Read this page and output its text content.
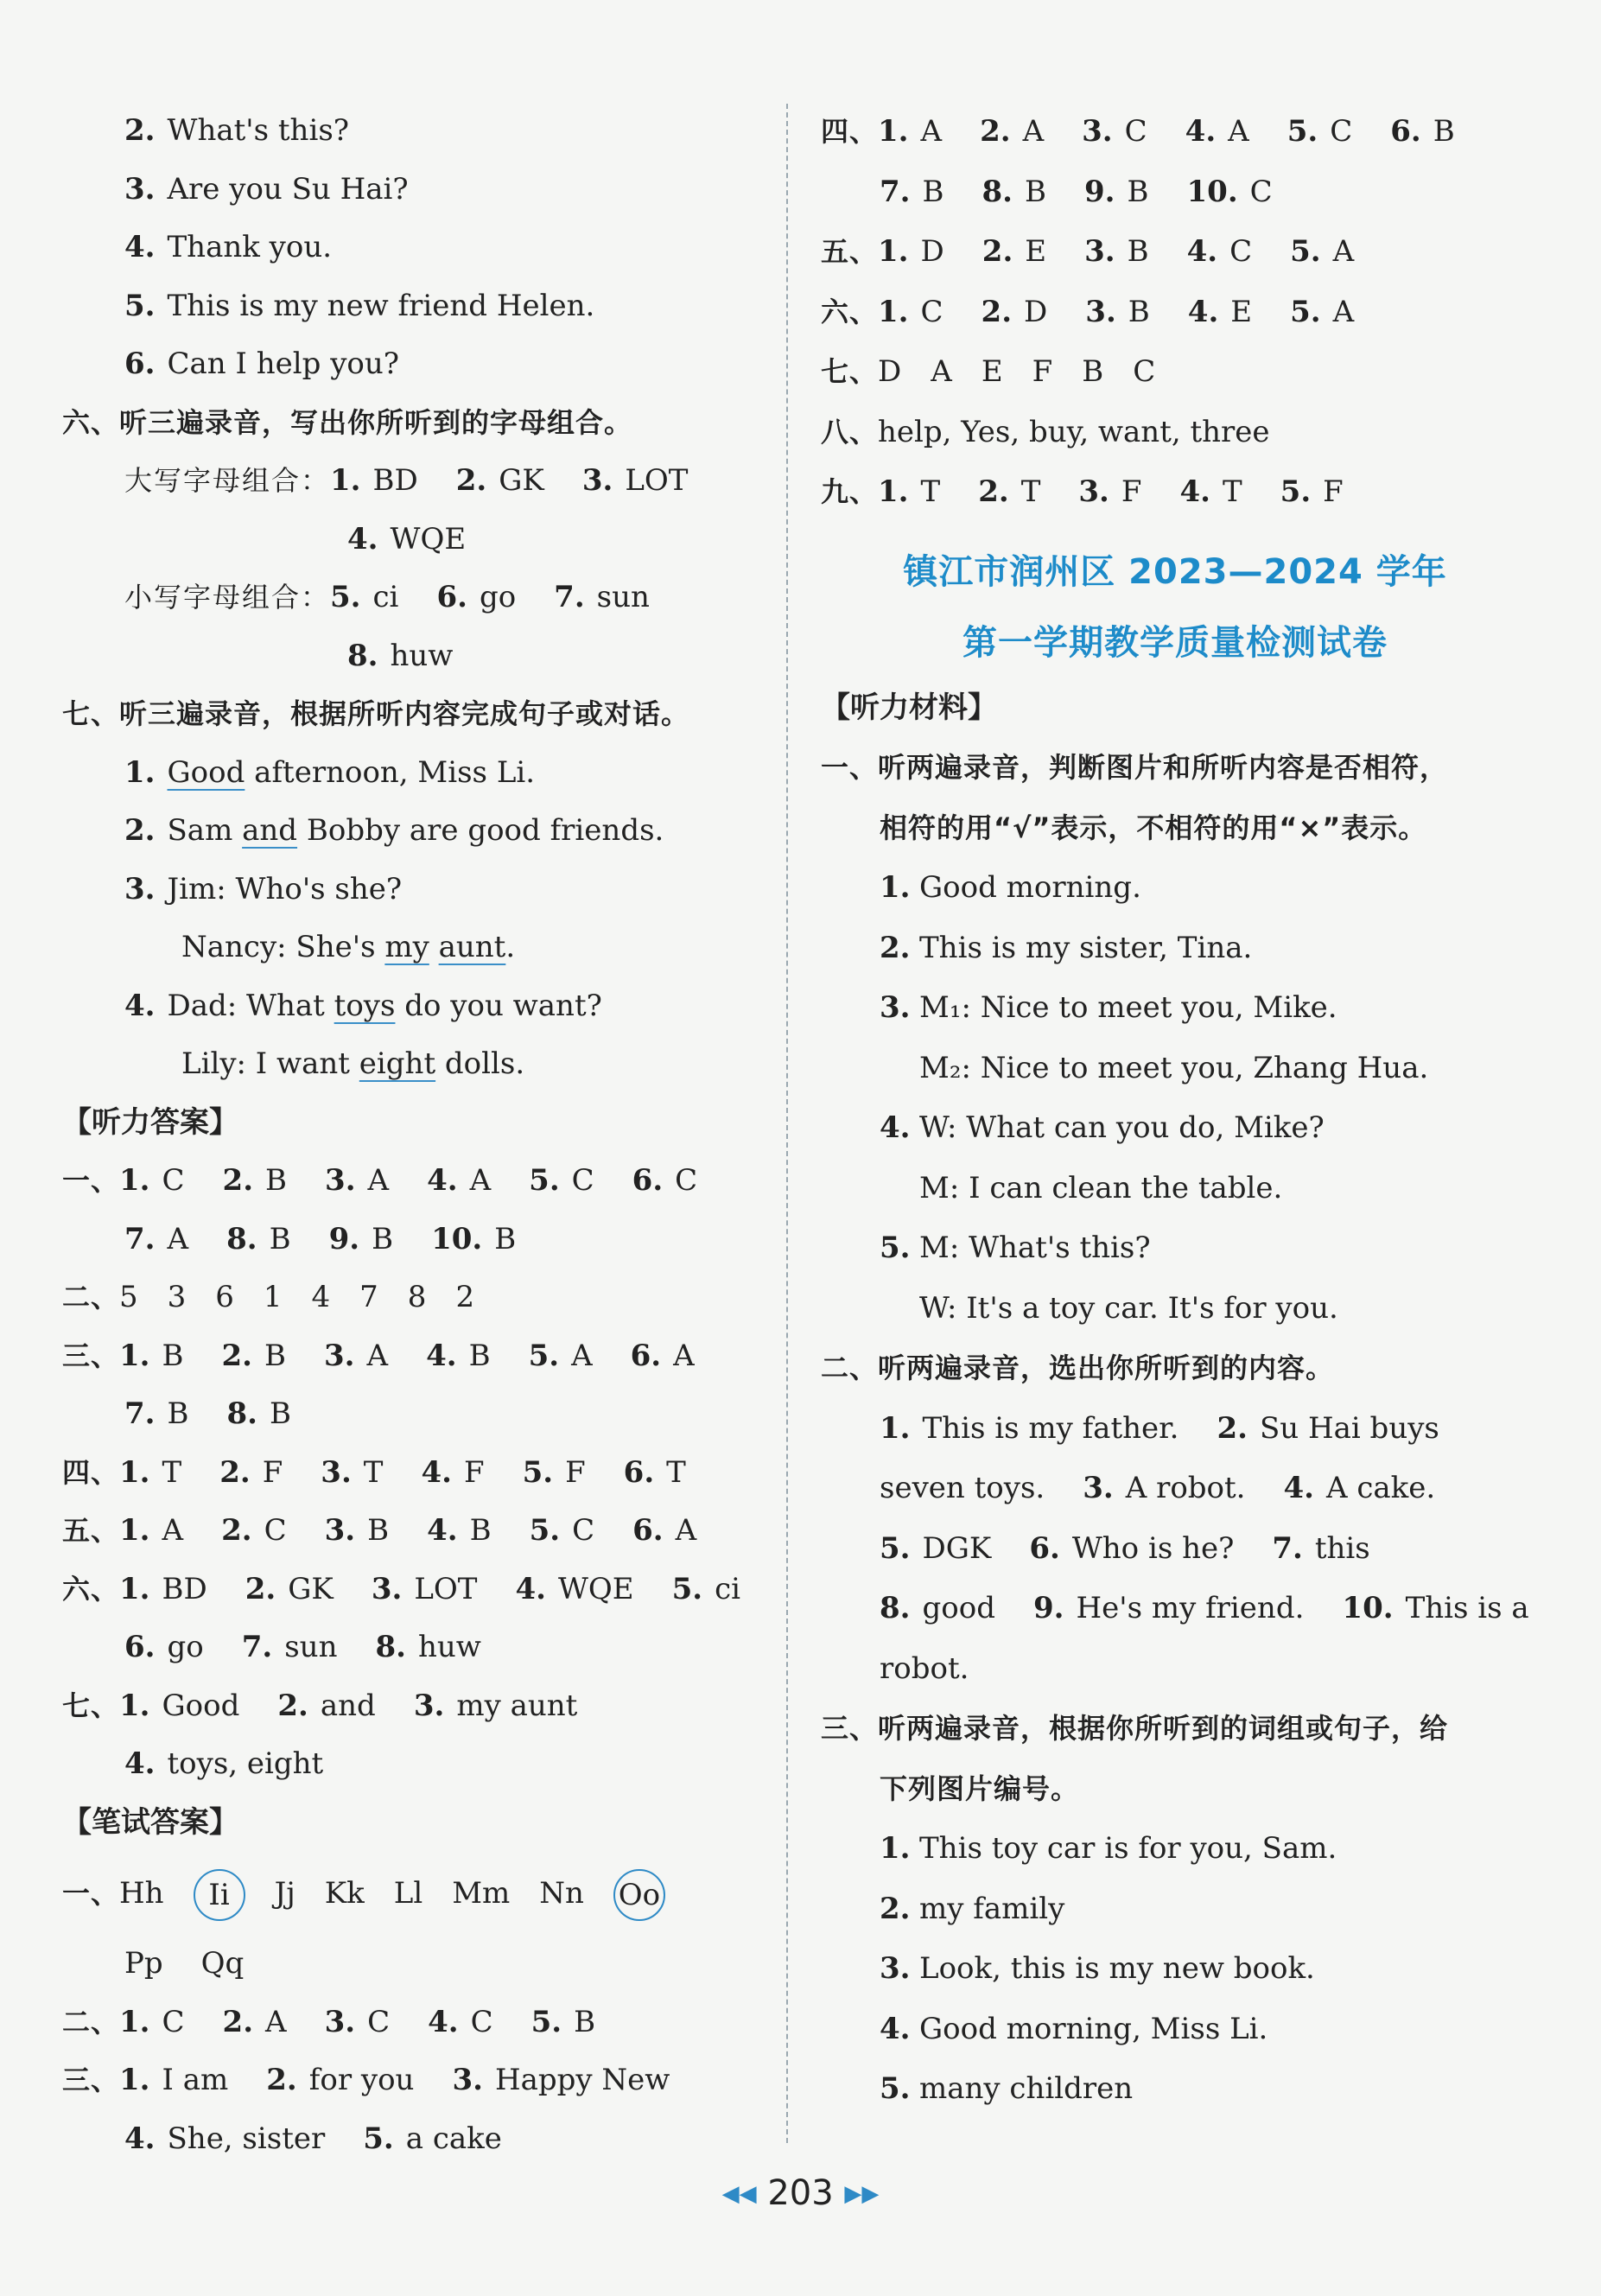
2. What's this?
3. Are you Su Hai?
4. Thank you.
5. This is my new friend Helen.
6. Can I help you?
六、听三遍录音，写出你所听到的字母组合。
大写字母组合：1. BD 2. GK 3. LOT
4. WQE
小写字母组合：5. ci 6. go 7. sun
8. huw
七、听三遍录音，根据所听内容完成句子或对话。
1. Good afternoon, Miss Li.
2. Sam and Bobby are good friends.
3. Jim: Who's she?
Nancy: She's my aunt.
4. Dad: What toys do you want?
Lily: I want eight dolls.
【听力答案】
一、1. C 2. B 3. A 4. A 5. C 6. C
7. A 8. B 9. B 10. B
二、5　3　6　1　4　7　8　2
三、1. B 2. B 3. A 4. B 5. A 6. A
7. B 8. B
四、1. T 2. F 3. T 4. F 5. F 6. T
五、1. A 2. C 3. B 4. B 5. C 6. A
六、1. BD 2. GK 3. LOT 4. WQE 5. ci
6. go 7. sun 8. huw
七、1. Good 2. and 3. my aunt
4. toys, eight
【笔试答案】
一、Hh Ii Jj Kk Ll Mm Nn Oo
Pp Qq
二、1. C 2. A 3. C 4. C 5. B
三、1. I am 2. for you 3. Happy New
4. She, sister 5. a cake
四、1. A 2. A 3. C 4. A 5. C 6. B
7. B 8. B 9. B 10. C
五、1. D 2. E 3. B 4. C 5. A
六、1. C 2. D 3. B 4. E 5. A
七、D　A　E　F　B　C
八、help, Yes, buy, want, three
九、1. T 2. T 3. F 4. T 5. F
镇江市润州区 2023—2024 学年
第一学期教学质量检测试卷
【听力材料】
一、听两遍录音，判断图片和所听内容是否相符，
相符的用“√”表示，不相符的用“×”表示。
1. Good morning.
2. This is my sister, Tina.
3. M₁: Nice to meet you, Mike.
M₂: Nice to meet you, Zhang Hua.
4. W: What can you do, Mike?
M: I can clean the table.
5. M: What's this?
W: It's a toy car. It's for you.
二、听两遍录音，选出你所听到的内容。
1. This is my father. 2. Su Hai buys
seven toys. 3. A robot. 4. A cake.
5. DGK 6. Who is he? 7. this
8. good 9. He's my friend. 10. This is a
robot.
三、听两遍录音，根据你所听到的词组或句子，给
下列图片编号。
1. This toy car is for you, Sam.
2. my family
3. Look, this is my new book.
4. Good morning, Miss Li.
5. many children
◀◀ 203 ▶▶
